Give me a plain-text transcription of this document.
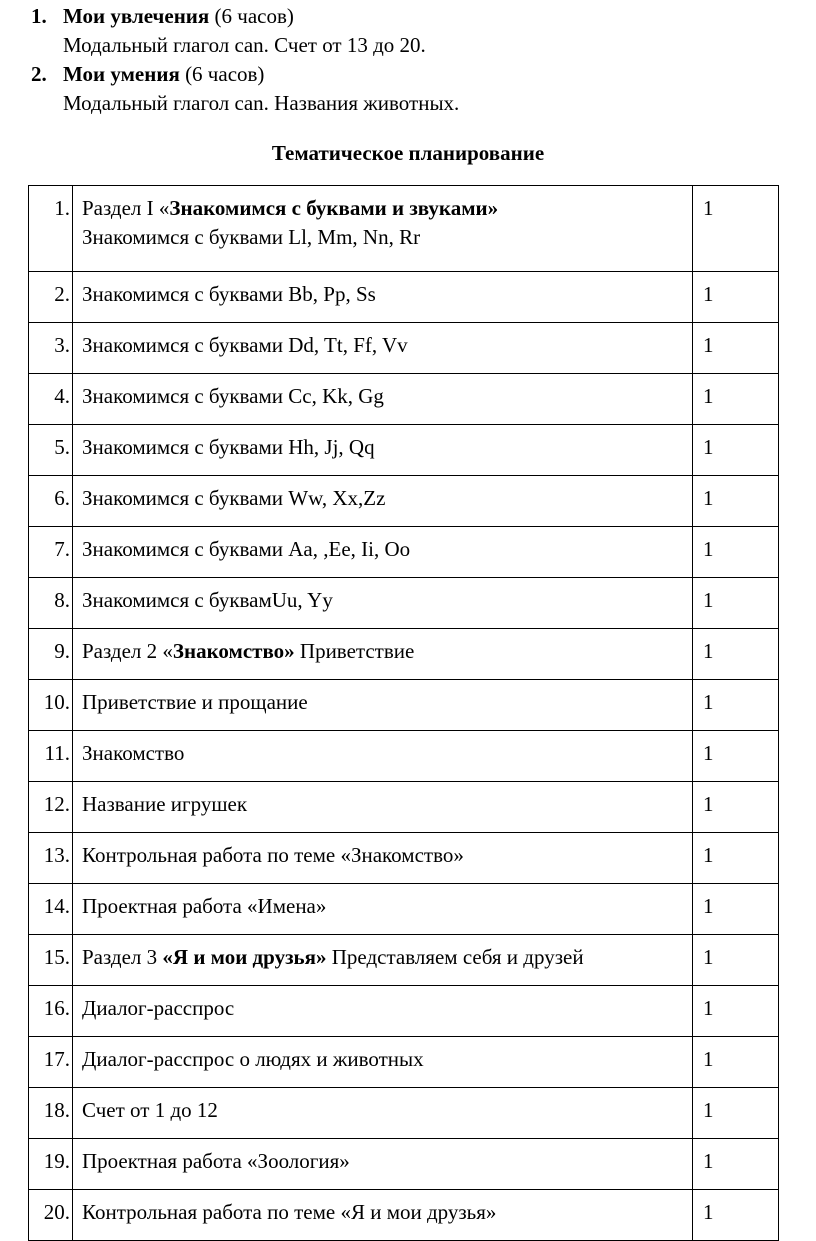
1. Мои увлечения (6 часов)
Модальный глагол can. Счет от 13 до 20.
2. Мои умения (6 часов)
Модальный глагол can. Названия животных.
Тематическое планирование
1.	Раздел I «Знакомимся с буквами и звуками»
Знакомимся с буквами Ll, Mm, Nn, Rr	1
2.	Знакомимся с буквами Bb, Pp, Ss	1
3.	Знакомимся с буквами Dd, Tt, Ff, Vv	1
4.	Знакомимся с буквами Cc, Kk, Gg	1
5.	Знакомимся с буквами Hh, Jj, Qq	1
6.	Знакомимся с буквами Ww, Xx,Zz	1
7.	Знакомимся с буквами Aa, ,Ee, Ii, Oo	1
8.	Знакомимся с буквамUu, Yy	1
9.	Раздел 2 «Знакомство» Приветствие	1
10.	Приветствие и прощание	1
11.	Знакомство	1
12.	Название игрушек	1
13.	Контрольная работа по теме «Знакомство»	1
14.	Проектная работа «Имена»	1
15.	Раздел 3 «Я и мои друзья» Представляем себя и друзей	1
16.	Диалог-расспрос	1
17.	Диалог-расспрос о людях и животных	1
18.	Счет от 1 до 12	1
19.	Проектная работа «Зоология»	1
20.	Контрольная работа по теме «Я и мои друзья»	1
